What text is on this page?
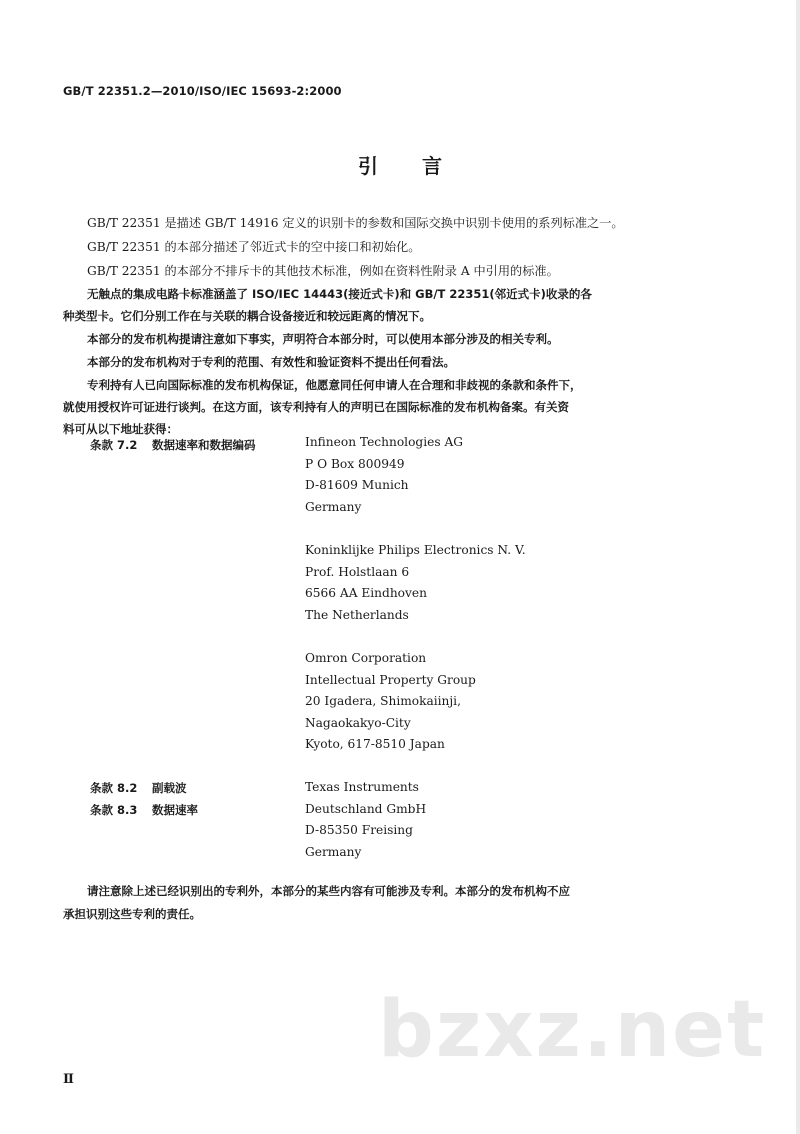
GB/T 22351.2—2010/ISO/IEC 15693-2:2000
引言
GB/T 22351 是描述 GB/T 14916 定义的识别卡的参数和国际交换中识别卡使用的系列标准之一。
GB/T 22351 的本部分描述了邻近式卡的空中接口和初始化。
GB/T 22351 的本部分不排斥卡的其他技术标准，例如在资料性附录 A 中引用的标准。
无触点的集成电路卡标准涵盖了 ISO/IEC 14443(接近式卡)和 GB/T 22351(邻近式卡)收录的各
种类型卡。它们分别工作在与关联的耦合设备接近和较远距离的情况下。
本部分的发布机构提请注意如下事实，声明符合本部分时，可以使用本部分涉及的相关专利。
本部分的发布机构对于专利的范围、有效性和验证资料不提出任何看法。
专利持有人已向国际标准的发布机构保证，他愿意同任何申请人在合理和非歧视的条款和条件下，
就使用授权许可证进行谈判。在这方面，该专利持有人的声明已在国际标准的发布机构备案。有关资
料可从以下地址获得：
条款 7.2 数据速率和数据编码
条款 8.2 副载波
条款 8.3 数据速率
Infineon Technologies AG
P O Box 800949
D-81609 Munich
Germany
Koninklijke Philips Electronics N. V.
Prof. Holstlaan 6
6566 AA Eindhoven
The Netherlands
Omron Corporation
Intellectual Property Group
20 Igadera, Shimokaiinji,
Nagaokakyo-City
Kyoto, 617-8510 Japan
Texas Instruments
Deutschland GmbH
D-85350 Freising
Germany
请注意除上述已经识别出的专利外，本部分的某些内容有可能涉及专利。本部分的发布机构不应
承担识别这些专利的责任。
bzxz.net
Ⅱ
